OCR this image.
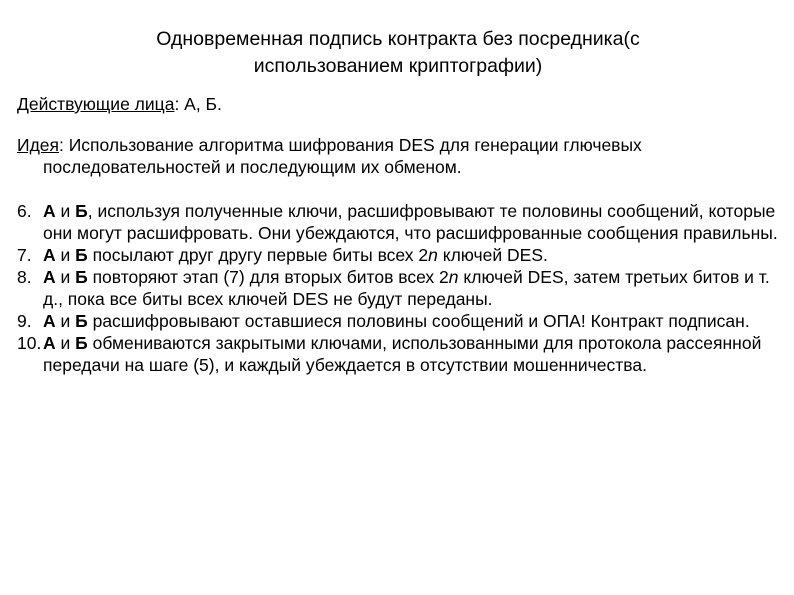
Одновременная подпись контракта без посредника(с
использованием криптографии)
Действующие лица: А, Б.
Идея: Использование алгоритма шифрования DES для генерации глючевых
последовательностей и последующим их обменом.
6. А и Б, используя полученные ключи, расшифровывают те половины сообщений, которые они могут расшифровать. Они убеждаются, что расшифрованные сообщения правильны.
7. А и Б посылают друг другу первые биты всех 2n ключей DES.
8. А и Б повторяют этап (7) для вторых битов всех 2n ключей DES, затем третьих битов и т. д., пока все биты всех ключей DES не будут переданы.
9. А и Б расшифровывают оставшиеся половины сообщений и ОПА! Контракт подписан.
10. А и Б обмениваются закрытыми ключами, использованными для протокола рассеянной передачи на шаге (5), и каждый убеждается в отсутствии мошенничества.
